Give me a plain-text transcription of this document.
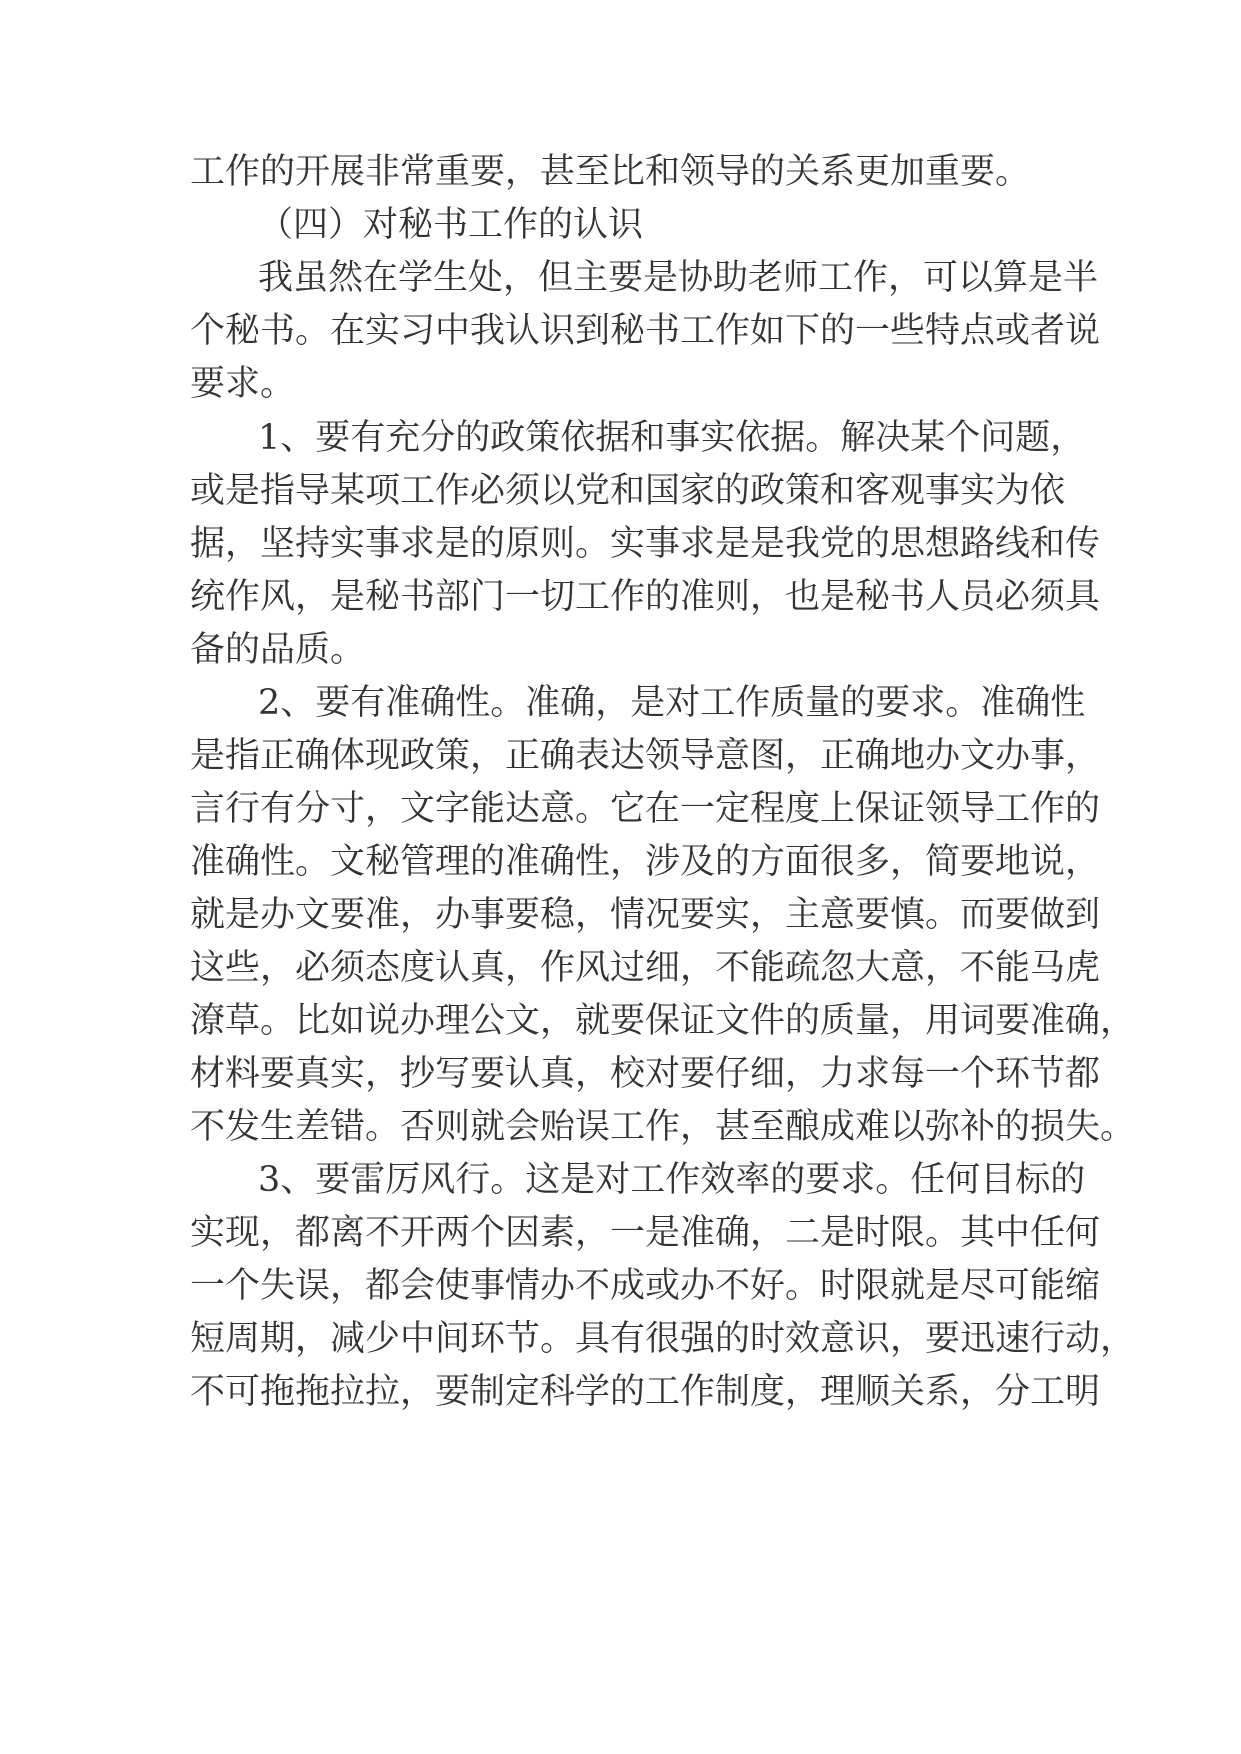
工作的开展非常重要，甚至比和领导的关系更加重要。
（四）对秘书工作的认识
我虽然在学生处，但主要是协助老师工作，可以算是半
个秘书。在实习中我认识到秘书工作如下的一些特点或者说
要求。
1、要有充分的政策依据和事实依据。解决某个问题，
或是指导某项工作必须以党和国家的政策和客观事实为依
据，坚持实事求是的原则。实事求是是我党的思想路线和传
统作风，是秘书部门一切工作的准则，也是秘书人员必须具
备的品质。
2、要有准确性。准确，是对工作质量的要求。准确性
是指正确体现政策，正确表达领导意图，正确地办文办事，
言行有分寸，文字能达意。它在一定程度上保证领导工作的
准确性。文秘管理的准确性，涉及的方面很多，简要地说，
就是办文要准，办事要稳，情况要实，主意要慎。而要做到
这些，必须态度认真，作风过细，不能疏忽大意，不能马虎
潦草。比如说办理公文，就要保证文件的质量，用词要准确，
材料要真实，抄写要认真，校对要仔细，力求每一个环节都
不发生差错。否则就会贻误工作，甚至酿成难以弥补的损失。
3、要雷厉风行。这是对工作效率的要求。任何目标的
实现，都离不开两个因素，一是准确，二是时限。其中任何
一个失误，都会使事情办不成或办不好。时限就是尽可能缩
短周期，减少中间环节。具有很强的时效意识，要迅速行动，
不可拖拖拉拉，要制定科学的工作制度，理顺关系，分工明
